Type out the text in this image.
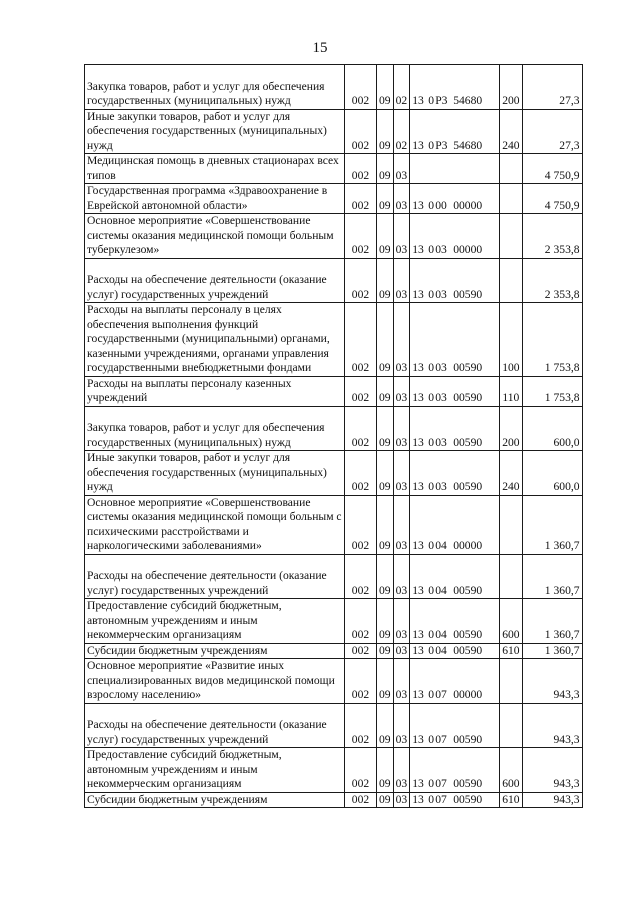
15
Закупка товаров, работ и услуг для обеспечения государственных (муниципальных) нужд	002	09	02	13 0Р3 54680	200	27,3
Иные закупки товаров, работ и услуг для обеспечения государственных (муниципальных) нужд	002	09	02	13 0Р3 54680	240	27,3
Медицинская помощь в дневных стационарах всех типов	002	09	03			4 750,9
Государственная программа «Здравоохранение в Еврейской автономной области»	002	09	03	13 000 00000		4 750,9
Основное мероприятие «Совершенствование системы оказания медицинской помощи больным туберкулезом»	002	09	03	13 003 00000		2 353,8
Расходы на обеспечение деятельности (оказание услуг) государственных учреждений	002	09	03	13 003 00590		2 353,8
Расходы на выплаты персоналу в целях обеспечения выполнения функций государственными (муниципальными) органами, казенными учреждениями, органами управления государственными внебюджетными фондами	002	09	03	13 003 00590	100	1 753,8
Расходы на выплаты персоналу казенных учреждений	002	09	03	13 003 00590	110	1 753,8
Закупка товаров, работ и услуг для обеспечения государственных (муниципальных) нужд	002	09	03	13 003 00590	200	600,0
Иные закупки товаров, работ и услуг для обеспечения государственных (муниципальных) нужд	002	09	03	13 003 00590	240	600,0
Основное мероприятие «Совершенствование системы оказания медицинской помощи больным с психическими расстройствами и наркологическими заболеваниями»	002	09	03	13 004 00000		1 360,7
Расходы на обеспечение деятельности (оказание услуг) государственных учреждений	002	09	03	13 004 00590		1 360,7
Предоставление субсидий бюджетным, автономным учреждениям и иным некоммерческим организациям	002	09	03	13 004 00590	600	1 360,7
Субсидии бюджетным учреждениям	002	09	03	13 004 00590	610	1 360,7
Основное мероприятие «Развитие иных специализированных видов медицинской помощи взрослому населению»	002	09	03	13 007 00000		943,3
Расходы на обеспечение деятельности (оказание услуг) государственных учреждений	002	09	03	13 007 00590		943,3
Предоставление субсидий бюджетным, автономным учреждениям и иным некоммерческим организациям	002	09	03	13 007 00590	600	943,3
Субсидии бюджетным учреждениям	002	09	03	13 007 00590	610	943,3
